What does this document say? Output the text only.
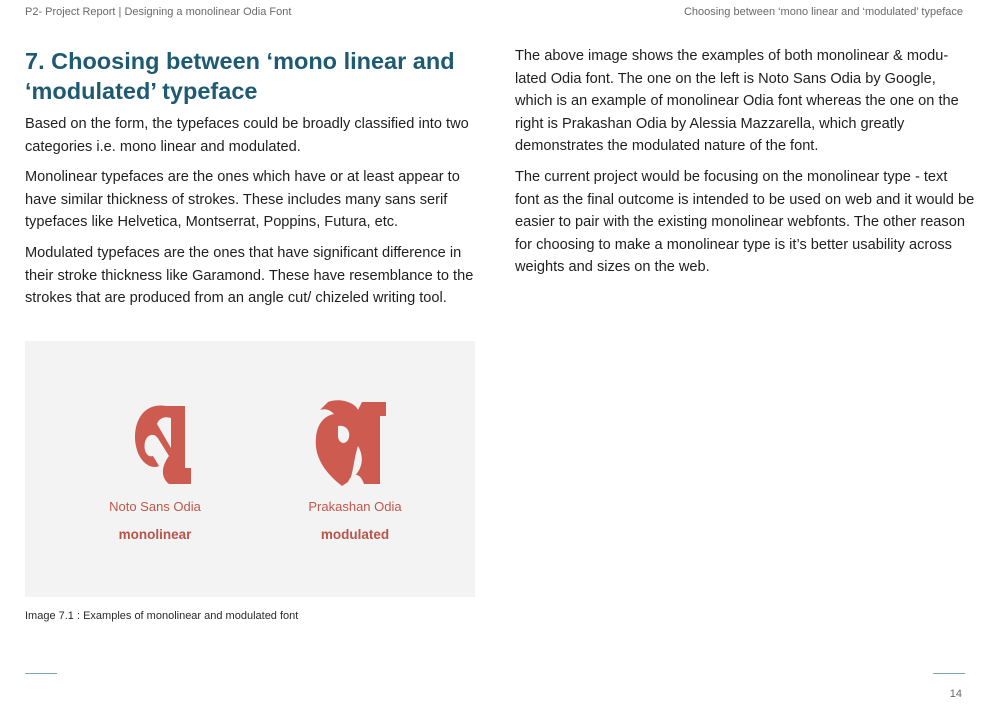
P2- Project Report | Designing a monolinear Odia Font	Choosing between ‘mono linear and ‘modulated’ typeface
7. Choosing between ‘mono linear and
‘modulated’ typeface

Based on the form, the typefaces could be broadly classified into two categories i.e. mono linear and modulated.

Monolinear typefaces are the ones which have or at least appear to have similar thickness of strokes. These includes many sans serif typefaces like Helvetica, Montserrat, Poppins, Futura, etc.

Modulated typefaces are the ones that have significant difference in their stroke thickness like Garamond. These have resemblance to the strokes that are produced from an angle cut/ chizeled writing tool.

The above image shows the examples of both monolinear & modu- lated Odia font. The one on the left is Noto Sans Odia by Google, which is an example of monolinear Odia font whereas the one on the right is Prakashan Odia by Alessia Mazzarella, which greatly demonstrates the modulated nature of the font.

The current project would be focusing on the monolinear type - text font as the final outcome is intended to be used on web and it would be easier to pair with the existing monolinear webfonts. The other reason for choosing to make a monolinear type is it’s better usability across weights and sizes on the web.

Noto Sans Odia
monolinear
Prakashan Odia
modulated
Image 7.1 : Examples of monolinear and modulated font
14
